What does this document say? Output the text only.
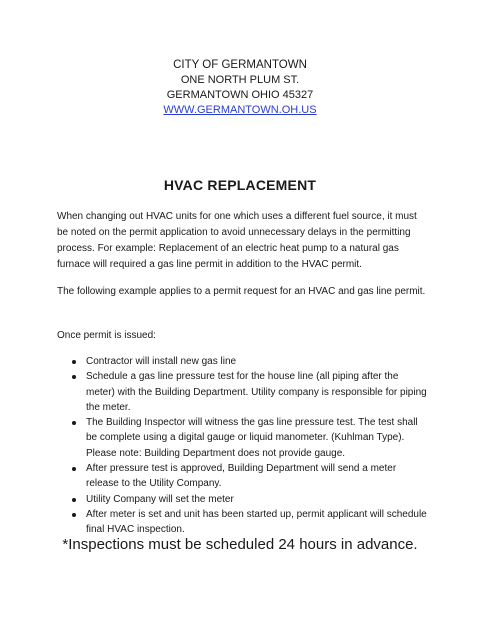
CITY OF GERMANTOWN
ONE NORTH PLUM ST.
GERMANTOWN OHIO 45327
WWW.GERMANTOWN.OH.US
HVAC REPLACEMENT

When changing out HVAC units for one which uses a different fuel source, it must be noted on the permit application to avoid unnecessary delays in the permitting process. For example: Replacement of an electric heat pump to a natural gas furnace will required a gas line permit in addition to the HVAC permit.

The following example applies to a permit request for an HVAC and gas line permit.

Once permit is issued:

Contractor will install new gas line
Schedule a gas line pressure test for the house line (all piping after the meter) with the Building Department. Utility company is responsible for piping the meter.
The Building Inspector will witness the gas line pressure test. The test shall be complete using a digital gauge or liquid manometer. (Kuhlman Type). Please note: Building Department does not provide gauge.
After pressure test is approved, Building Department will send a meter release to the Utility Company.
Utility Company will set the meter
After meter is set and unit has been started up, permit applicant will schedule final HVAC inspection.
*Inspections must be scheduled 24 hours in advance.
